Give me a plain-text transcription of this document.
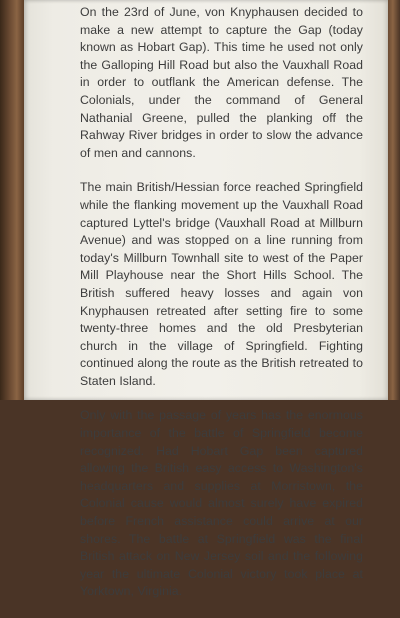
On the 23rd of June, von Knyphausen decided to make a new attempt to capture the Gap (today known as Hobart Gap). This time he used not only the Galloping Hill Road but also the Vauxhall Road in order to outflank the American defense. The Colonials, under the command of General Nathanial Greene, pulled the planking off the Rahway River bridges in order to slow the advance of men and cannons.

The main British/Hessian force reached Springfield while the flanking movement up the Vauxhall Road captured Lyttel's bridge (Vauxhall Road at Millburn Avenue) and was stopped on a line running from today's Millburn Townhall site to west of the Paper Mill Playhouse near the Short Hills School. The British suffered heavy losses and again von Knyphausen retreated after setting fire to some twenty-three homes and the old Presbyterian church in the village of Springfield. Fighting continued along the route as the British retreated to Staten Island.

Only with the passage of years has the enormous importance of the battle of Springfield become recognized. Had Hobart Gap been captured allowing the British easy access to Washington's headquarters and supplies at Morristown, the Colonial cause would almost surely have expired before French assistance could arrive at our shores. The battle at Springfield was the final British attack on New Jersey soil and the following year the ultimate Colonial victory took place at Yorktown, Virginia.
